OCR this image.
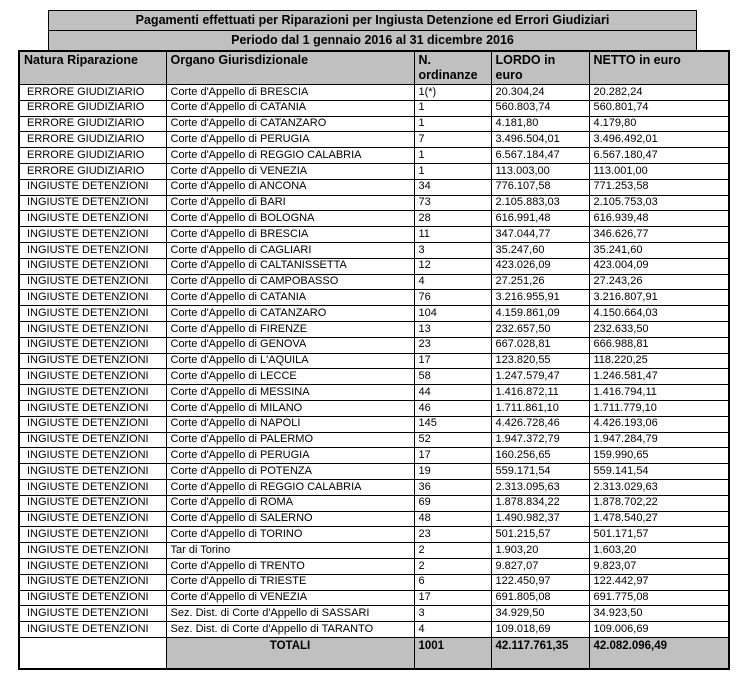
Pagamenti effettuati per Riparazioni per Ingiusta Detenzione ed Errori Giudiziari
Periodo dal 1 gennaio 2016 al 31 dicembre 2016
Natura Riparazione	Organo Giurisdizionale	N. ordinanze	LORDO in euro	NETTO in euro
ERRORE GIUDIZIARIO	Corte d'Appello di BRESCIA	1(*)	20.304,24	20.282,24
ERRORE GIUDIZIARIO	Corte d'Appello di CATANIA	1	560.803,74	560.801,74
ERRORE GIUDIZIARIO	Corte d'Appello di CATANZARO	1	4.181,80	4.179,80
ERRORE GIUDIZIARIO	Corte d'Appello di PERUGIA	7	3.496.504,01	3.496.492,01
ERRORE GIUDIZIARIO	Corte d'Appello di REGGIO CALABRIA	1	6.567.184,47	6.567.180,47
ERRORE GIUDIZIARIO	Corte d'Appello di VENEZIA	1	113.003,00	113.001,00
INGIUSTE DETENZIONI	Corte d'Appello di ANCONA	34	776.107,58	771.253,58
INGIUSTE DETENZIONI	Corte d'Appello di BARI	73	2.105.883,03	2.105.753,03
INGIUSTE DETENZIONI	Corte d'Appello di BOLOGNA	28	616.991,48	616.939,48
INGIUSTE DETENZIONI	Corte d'Appello di BRESCIA	11	347.044,77	346.626,77
INGIUSTE DETENZIONI	Corte d'Appello di CAGLIARI	3	35.247,60	35.241,60
INGIUSTE DETENZIONI	Corte d'Appello di CALTANISSETTA	12	423.026,09	423.004,09
INGIUSTE DETENZIONI	Corte d'Appello di CAMPOBASSO	4	27.251,26	27.243,26
INGIUSTE DETENZIONI	Corte d'Appello di CATANIA	76	3.216.955,91	3.216.807,91
INGIUSTE DETENZIONI	Corte d'Appello di CATANZARO	104	4.159.861,09	4.150.664,03
INGIUSTE DETENZIONI	Corte d'Appello di FIRENZE	13	232.657,50	232.633,50
INGIUSTE DETENZIONI	Corte d'Appello di GENOVA	23	667.028,81	666.988,81
INGIUSTE DETENZIONI	Corte d'Appello di L'AQUILA	17	123.820,55	118.220,25
INGIUSTE DETENZIONI	Corte d'Appello di LECCE	58	1.247.579,47	1.246.581,47
INGIUSTE DETENZIONI	Corte d'Appello di MESSINA	44	1.416.872,11	1.416.794,11
INGIUSTE DETENZIONI	Corte d'Appello di MILANO	46	1.711.861,10	1.711.779,10
INGIUSTE DETENZIONI	Corte d'Appello di NAPOLI	145	4.426.728,46	4.426.193,06
INGIUSTE DETENZIONI	Corte d'Appello di PALERMO	52	1.947.372,79	1.947.284,79
INGIUSTE DETENZIONI	Corte d'Appello di PERUGIA	17	160.256,65	159.990,65
INGIUSTE DETENZIONI	Corte d'Appello di POTENZA	19	559.171,54	559.141,54
INGIUSTE DETENZIONI	Corte d'Appello di REGGIO CALABRIA	36	2.313.095,63	2.313.029,63
INGIUSTE DETENZIONI	Corte d'Appello di ROMA	69	1.878.834,22	1.878.702,22
INGIUSTE DETENZIONI	Corte d'Appello di SALERNO	48	1.490.982,37	1.478.540,27
INGIUSTE DETENZIONI	Corte d'Appello di TORINO	23	501.215,57	501.171,57
INGIUSTE DETENZIONI	Tar di Torino	2	1.903,20	1.603,20
INGIUSTE DETENZIONI	Corte d'Appello di TRENTO	2	9.827,07	9.823,07
INGIUSTE DETENZIONI	Corte d'Appello di TRIESTE	6	122.450,97	122.442,97
INGIUSTE DETENZIONI	Corte d'Appello di VENEZIA	17	691.805,08	691.775,08
INGIUSTE DETENZIONI	Sez. Dist. di Corte d'Appello di SASSARI	3	34.929,50	34.923,50
INGIUSTE DETENZIONI	Sez. Dist. di Corte d'Appello di TARANTO	4	109.018,69	109.006,69
	TOTALI	1001	42.117.761,35	42.082.096,49
